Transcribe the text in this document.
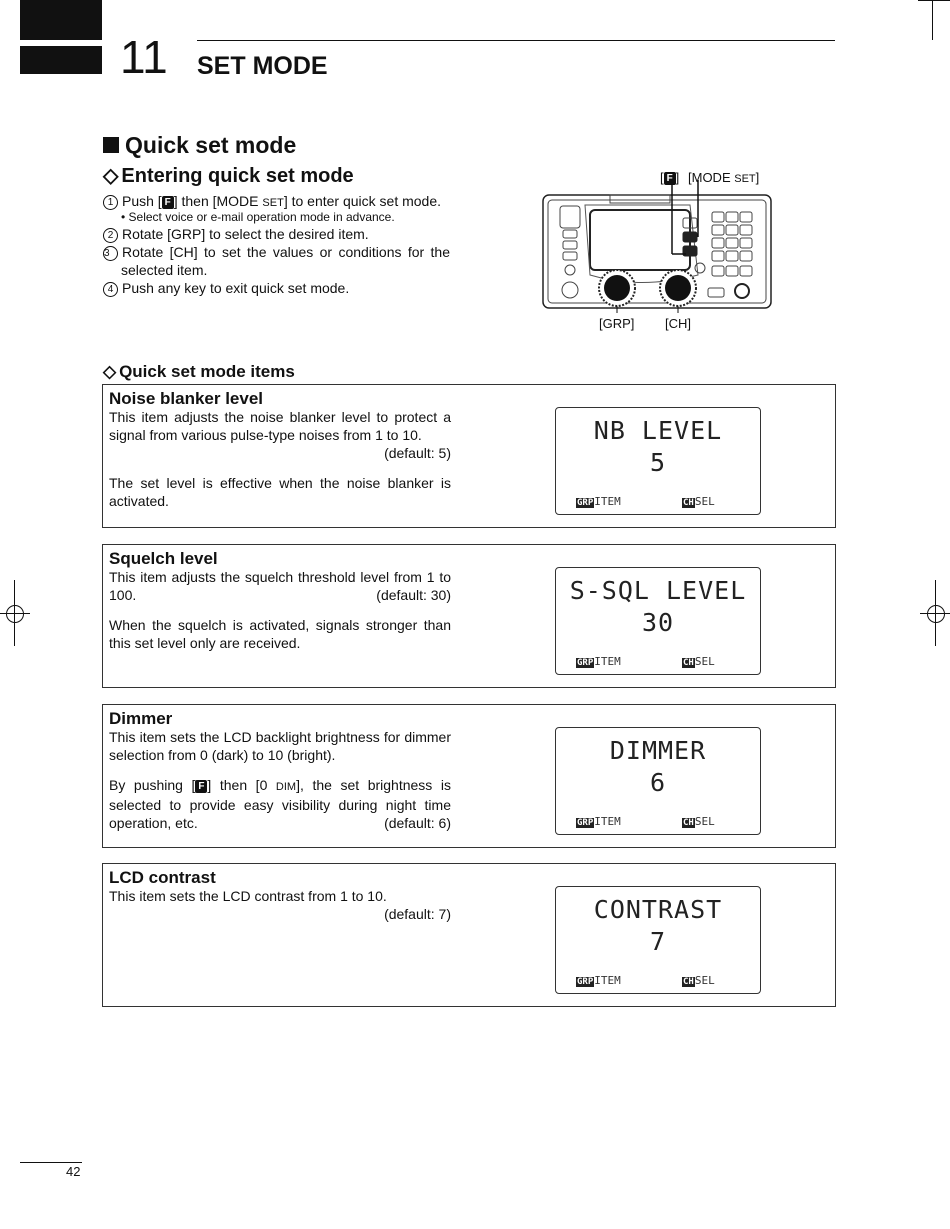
11 SET MODE
Quick set mode
◇ Entering quick set mode
1 Push [ F ] then [MODE SET] to enter quick set mode.
• Select voice or e-mail operation mode in advance.
2 Rotate [GRP] to select the desired item.
3 Rotate [CH] to set the values or conditions for the
selected item.
4 Push any key to exit quick set mode.
[ F ] [MODE SET]
[GRP] [CH]
◇ Quick set mode items
Noise blanker level
This item adjusts the noise blanker level to protect a signal from various pulse-type noises from 1 to 10.
(default: 5)
The set level is effective when the noise blanker is activated.
NB LEVEL
5
GRPITEM	CHSEL
Squelch level
This item adjusts the squelch threshold level from 1 to 100.	(default: 30)
When the squelch is activated, signals stronger than this set level only are received.
S-SQL LEVEL
30
GRPITEM	CHSEL
Dimmer
This item sets the LCD backlight brightness for dimmer selection from 0 (dark) to 10 (bright).
By pushing [ F ] then [0 DIM], the set brightness is selected to provide easy visibility during night time operation, etc.	(default: 6)
DIMMER
6
GRPITEM	CHSEL
LCD contrast
This item sets the LCD contrast from 1 to 10.
(default: 7)	CONTRAST
7
GRPITEM	CHSEL
42
